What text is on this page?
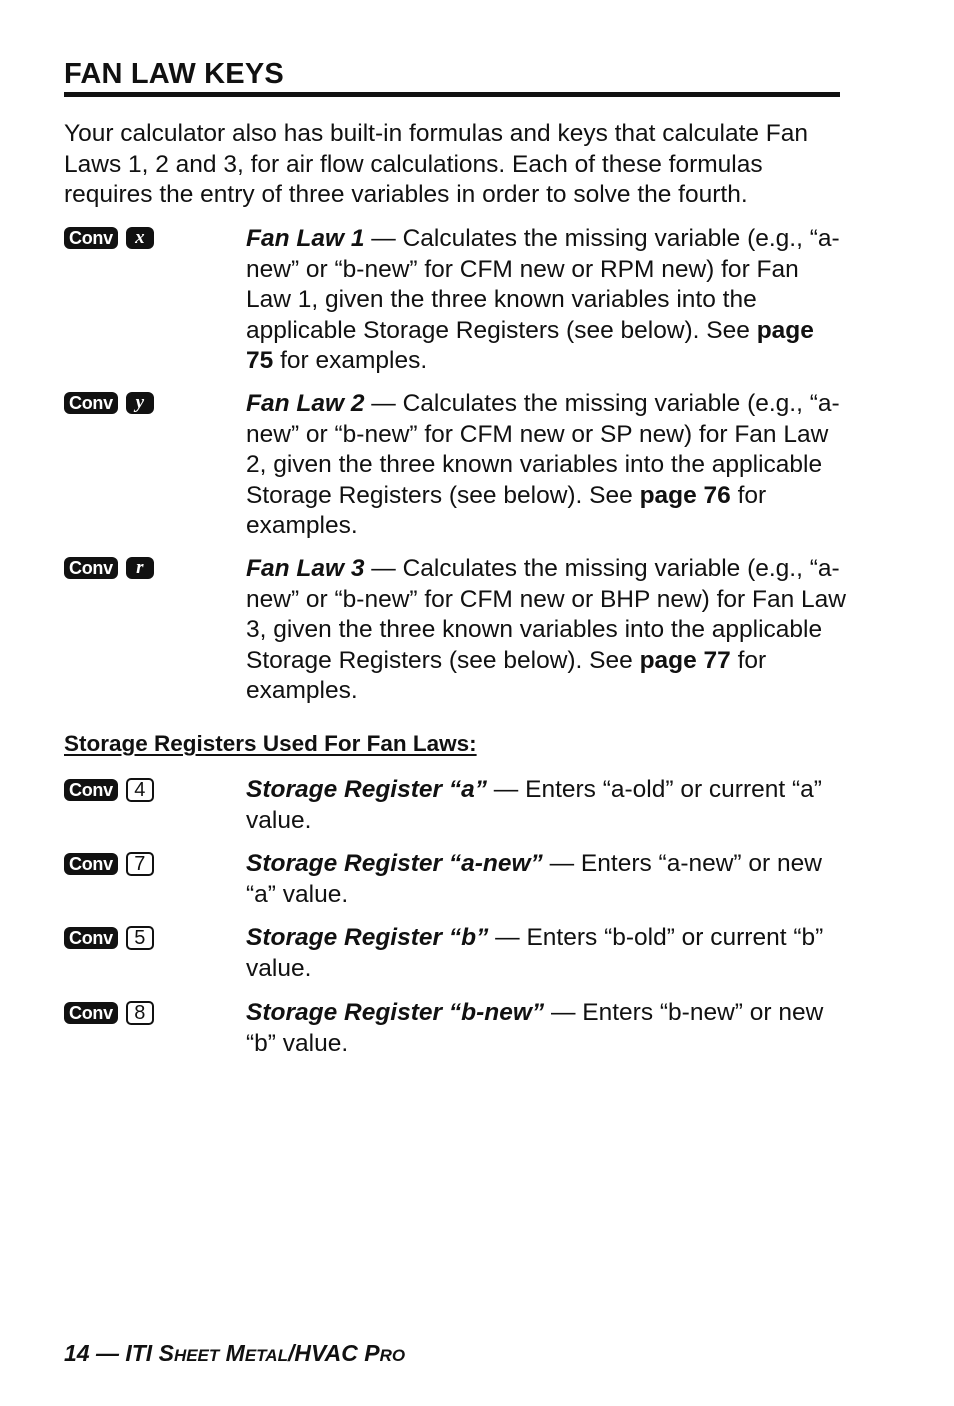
FAN LAW KEYS

Your calculator also has built-in formulas and keys that calculate Fan Laws 1, 2 and 3, for air flow calculations. Each of these formulas requires the entry of three variables in order to solve the fourth.

Conv	x	Fan Law 1 — Calculates the missing variable (e.g., “a-new” or “b-new” for CFM new or RPM new) for Fan Law 1, given the three known variables into the applicable Storage Registers (see below). See page 75 for examples.
Conv	y	Fan Law 2 — Calculates the missing variable (e.g., “a-new” or “b-new” for CFM new or SP new) for Fan Law 2, given the three known variables into the applicable Storage Registers (see below). See page 76 for examples.
Conv	r	Fan Law 3 — Calculates the missing variable (e.g., “a-new” or “b-new” for CFM new or BHP new) for Fan Law 3, given the three known variables into the applicable Storage Registers (see below). See page 77 for examples.
Storage Registers Used For Fan Laws:
Conv	4	Storage Register “a” — Enters “a-old” or current “a” value.
Conv	7	Storage Register “a-new” — Enters “a-new” or new “a” value.
Conv	5	Storage Register “b” — Enters “b-old” or current “b” value.
Conv	8	Storage Register “b-new” — Enters “b-new” or new “b” value.
14 — ITI SHEET METAL/HVAC PRO
